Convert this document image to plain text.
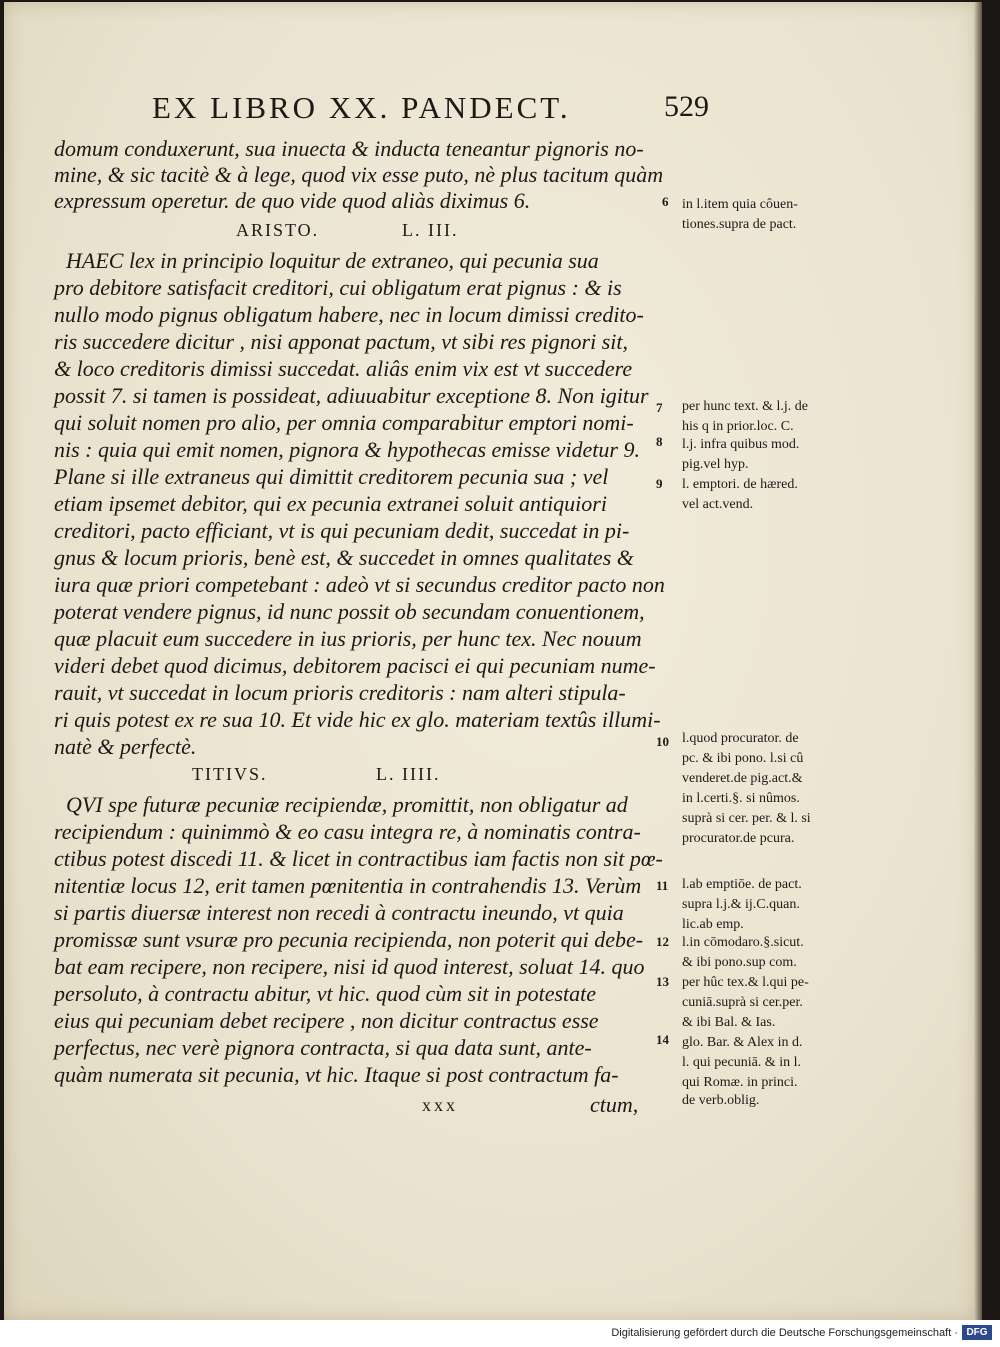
EX LIBRO XX. PANDECT.	529
domum conduxerunt, sua inuecta & inducta teneantur pignoris no-
mine, & sic tacitè & à lege, quod vix esse puto, nè plus tacitum quàm
expressum operetur. de quo vide quod aliàs diximus 6.
ARISTO.	L. III.
HAEC lex in principio loquitur de extraneo, qui pecunia sua
pro debitore satisfacit creditori, cui obligatum erat pignus : & is
nullo modo pignus obligatum habere, nec in locum dimissi credito-
ris succedere dicitur , nisi apponat pactum, vt sibi res pignori sit,
& loco creditoris dimissi succedat. aliâs enim vix est vt succedere
possit 7. si tamen is possideat, adiuuabitur exceptione 8. Non igitur
qui soluit nomen pro alio, per omnia comparabitur emptori nomi-
nis : quia qui emit nomen, pignora & hypothecas emisse videtur 9.
Plane si ille extraneus qui dimittit creditorem pecunia sua ; vel
etiam ipsemet debitor, qui ex pecunia extranei soluit antiquiori
creditori, pacto efficiant, vt is qui pecuniam dedit, succedat in pi-
gnus & locum prioris, benè est, & succedet in omnes qualitates &
iura quæ priori competebant : adeò vt si secundus creditor pacto non
poterat vendere pignus, id nunc possit ob secundam conuentionem,
quæ placuit eum succedere in ius prioris, per hunc tex. Nec nouum
videri debet quod dicimus, debitorem pacisci ei qui pecuniam nume-
rauit, vt succedat in locum prioris creditoris : nam alteri stipula-
ri quis potest ex re sua 10. Et vide hic ex glo. materiam textûs illumi-
natè & perfectè.
TITIVS.	L. IIII.
QVI spe futuræ pecuniæ recipiendæ, promittit, non obligatur ad
recipiendum : quinimmò & eo casu integra re, à nominatis contra-
ctibus potest discedi 11. & licet in contractibus iam factis non sit pœ-
nitentiæ locus 12, erit tamen pœnitentia in contrahendis 13. Verùm
si partis diuersæ interest non recedi à contractu ineundo, vt quia
promissæ sunt vsuræ pro pecunia recipienda, non poterit qui debe-
bat eam recipere, non recipere, nisi id quod interest, soluat 14. quo
persoluto, à contractu abitur, vt hic. quod cùm sit in potestate
eius qui pecuniam debet recipere , non dicitur contractus esse
perfectus, nec verè pignora contracta, si qua data sunt, ante-
quàm numerata sit pecunia, vt hic. Itaque si post contractum fa-
xxx	ctum,
6
7
8
9
10
11
12
13
14
in l.item quia côuen-
tiones.supra de pact.
per hunc text. & l.j. de
his q in prior.loc. C.
l.j. infra quibus mod.
pig.vel hyp.
l. emptori. de hæred.
vel act.vend.
l.quod procurator. de
pc. & ibi pono. l.si cû
venderet.de pig.act.&
in l.certi.§. si nûmos.
suprà si cer. per. & l. si
procurator.de pcura.
l.ab emptiōe. de pact.
supra l.j.& ij.C.quan.
lic.ab emp.
l.in cōmodaro.§.sicut.
& ibi pono.sup com.
per hûc tex.& l.qui pe-
cuniā.suprà si cer.per.
& ibi Bal. & Ias.
glo. Bar. & Alex in d.
l. qui pecuniā. & in l.
qui Romæ. in princi.
de verb.oblig.
Digitalisierung gefördert durch die Deutsche Forschungsgemeinschaft · DFG
